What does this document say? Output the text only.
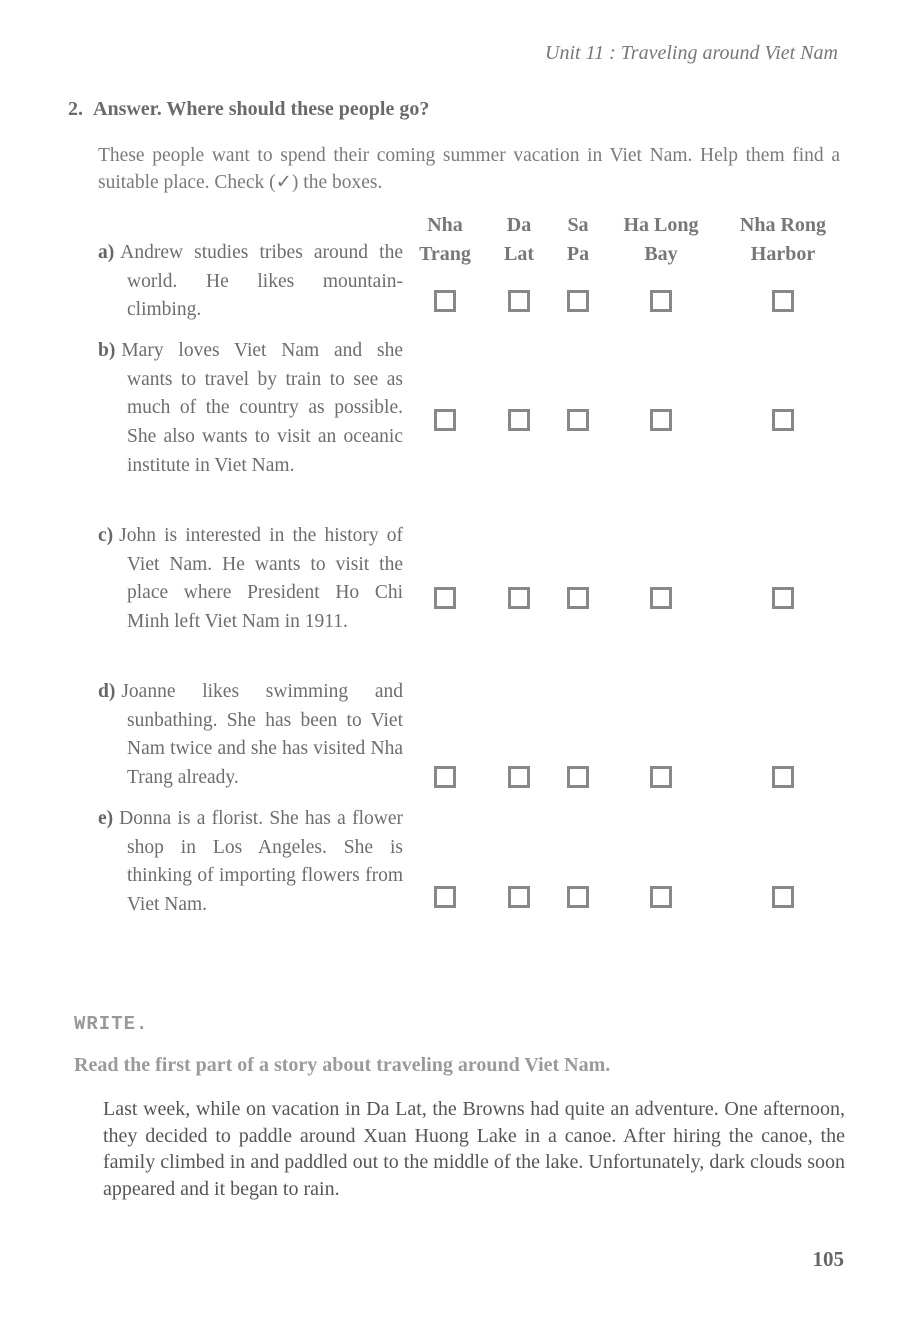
Unit 11 : Traveling around Viet Nam
2. Answer. Where should these people go?
These people want to spend their coming summer vacation in Viet Nam. Help them find a suitable place. Check (✓) the boxes.
Nha
Trang
Da
Lat
Sa
Pa
Ha Long
Bay
Nha Rong
Harbor
a) Andrew studies tribes around the world. He likes mountain-climbing.
b) Mary loves Viet Nam and she wants to travel by train to see as much of the country as possible. She also wants to visit an oceanic institute in Viet Nam.
c) John is interested in the history of Viet Nam. He wants to visit the place where President Ho Chi Minh left Viet Nam in 1911.
d) Joanne likes swimming and sunbathing. She has been to Viet Nam twice and she has visited Nha Trang already.
e) Donna is a florist. She has a flower shop in Los Angeles. She is thinking of importing flowers from Viet Nam.
WRITE.
Read the first part of a story about traveling around Viet Nam.
Last week, while on vacation in Da Lat, the Browns had quite an adventure. One afternoon, they decided to paddle around Xuan Huong Lake in a canoe. After hiring the canoe, the family climbed in and paddled out to the middle of the lake. Unfortunately, dark clouds soon appeared and it began to rain.
105
